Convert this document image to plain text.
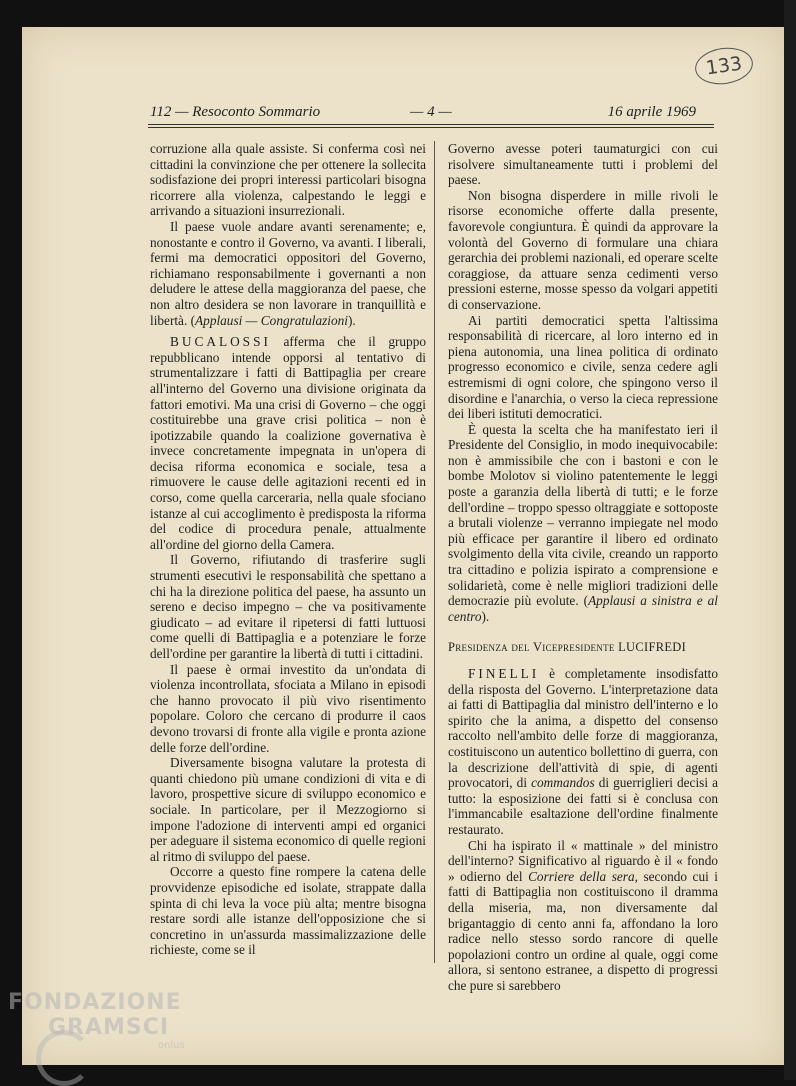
133
112 — Resoconto Sommario	— 4 —	16 aprile 1969

corruzione alla quale assiste. Si conferma così nei cittadini la convinzione che per ottenere la sollecita sodisfazione dei propri interessi particolari bisogna ricorrere alla violenza, calpestando le leggi e arrivando a situazioni insurrezionali.

Il paese vuole andare avanti serenamente; e, nonostante e contro il Governo, va avanti. I liberali, fermi ma democratici oppositori del Governo, richiamano responsabilmente i governanti a non deludere le attese della maggioranza del paese, che non altro desidera se non lavorare in tranquillità e libertà. (Applausi — Congratulazioni).

BUCALOSSI afferma che il gruppo repubblicano intende opporsi al tentativo di strumentalizzare i fatti di Battipaglia per creare all'interno del Governo una divisione originata da fattori emotivi. Ma una crisi di Governo – che oggi costituirebbe una grave crisi politica – non è ipotizzabile quando la coalizione governativa è invece concretamente impegnata in un'opera di decisa riforma economica e sociale, tesa a rimuovere le cause delle agitazioni recenti ed in corso, come quella carceraria, nella quale sfociano istanze al cui accoglimento è predisposta la riforma del codice di procedura penale, attualmente all'ordine del giorno della Camera.

Il Governo, rifiutando di trasferire sugli strumenti esecutivi le responsabilità che spettano a chi ha la direzione politica del paese, ha assunto un sereno e deciso impegno – che va positivamente giudicato – ad evitare il ripetersi di fatti luttuosi come quelli di Battipaglia e a potenziare le forze dell'ordine per garantire la libertà di tutti i cittadini.

Il paese è ormai investito da un'ondata di violenza incontrollata, sfociata a Milano in episodi che hanno provocato il più vivo risentimento popolare. Coloro che cercano di produrre il caos devono trovarsi di fronte alla vigile e pronta azione delle forze dell'ordine.

Diversamente bisogna valutare la protesta di quanti chiedono più umane condizioni di vita e di lavoro, prospettive sicure di sviluppo economico e sociale. In particolare, per il Mezzogiorno si impone l'adozione di interventi ampi ed organici per adeguare il sistema economico di quelle regioni al ritmo di sviluppo del paese.

Occorre a questo fine rompere la catena delle provvidenze episodiche ed isolate, strappate dalla spinta di chi leva la voce più alta; mentre bisogna restare sordi alle istanze dell'opposizione che si concretino in un'assurda massimalizzazione delle richieste, come se il

Governo avesse poteri taumaturgici con cui risolvere simultaneamente tutti i problemi del paese.

Non bisogna disperdere in mille rivoli le risorse economiche offerte dalla presente, favorevole congiuntura. È quindi da approvare la volontà del Governo di formulare una chiara gerarchia dei problemi nazionali, ed operare scelte coraggiose, da attuare senza cedimenti verso pressioni esterne, mosse spesso da volgari appetiti di conservazione.

Ai partiti democratici spetta l'altissima responsabilità di ricercare, al loro interno ed in piena autonomia, una linea politica di ordinato progresso economico e civile, senza cedere agli estremismi di ogni colore, che spingono verso il disordine e l'anarchia, o verso la cieca repressione dei liberi istituti democratici.

È questa la scelta che ha manifestato ieri il Presidente del Consiglio, in modo inequivocabile: non è ammissibile che con i bastoni e con le bombe Molotov si violino patentemente le leggi poste a garanzia della libertà di tutti; e le forze dell'ordine – troppo spesso oltraggiate e sottoposte a brutali violenze – verranno impiegate nel modo più efficace per garantire il libero ed ordinato svolgimento della vita civile, creando un rapporto tra cittadino e polizia ispirato a comprensione e solidarietà, come è nelle migliori tradizioni delle democrazie più evolute. (Applausi a sinistra e al centro).

Presidenza del Vicepresidente LUCIFREDI

FINELLI è completamente insodisfatto della risposta del Governo. L'interpretazione data ai fatti di Battipaglia dal ministro dell'interno e lo spirito che la anima, a dispetto del consenso raccolto nell'ambito delle forze di maggioranza, costituiscono un autentico bollettino di guerra, con la descrizione dell'attività di spie, di agenti provocatori, di commandos di guerriglieri decisi a tutto: la esposizione dei fatti si è conclusa con l'immancabile esaltazione dell'ordine finalmente restaurato.

Chi ha ispirato il « mattinale » del ministro dell'interno? Significativo al riguardo è il « fondo » odierno del Corriere della sera, secondo cui i fatti di Battipaglia non costituiscono il dramma della miseria, ma, non diversamente dal brigantaggio di cento anni fa, affondano la loro radice nello stesso sordo rancore di quelle popolazioni contro un ordine al quale, oggi come allora, si sentono estranee, a dispetto di progressi che pure si sarebbero

FONDAZIONE
GRAMSCI
onlus
